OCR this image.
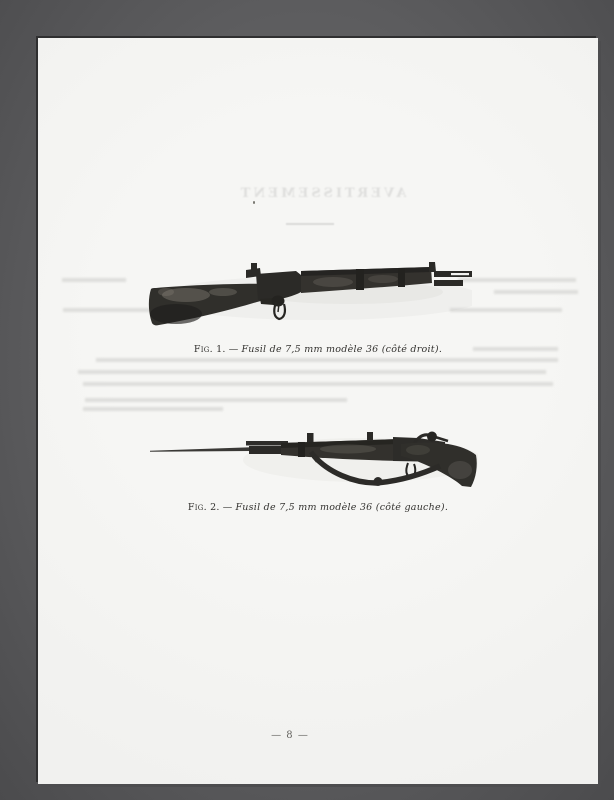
AVERTISSEMENT
Fig. 1. — Fusil de 7,5 mm modèle 36 (côté droit).
Fig. 2. — Fusil de 7,5 mm modèle 36 (côté gauche).
— 8 —
